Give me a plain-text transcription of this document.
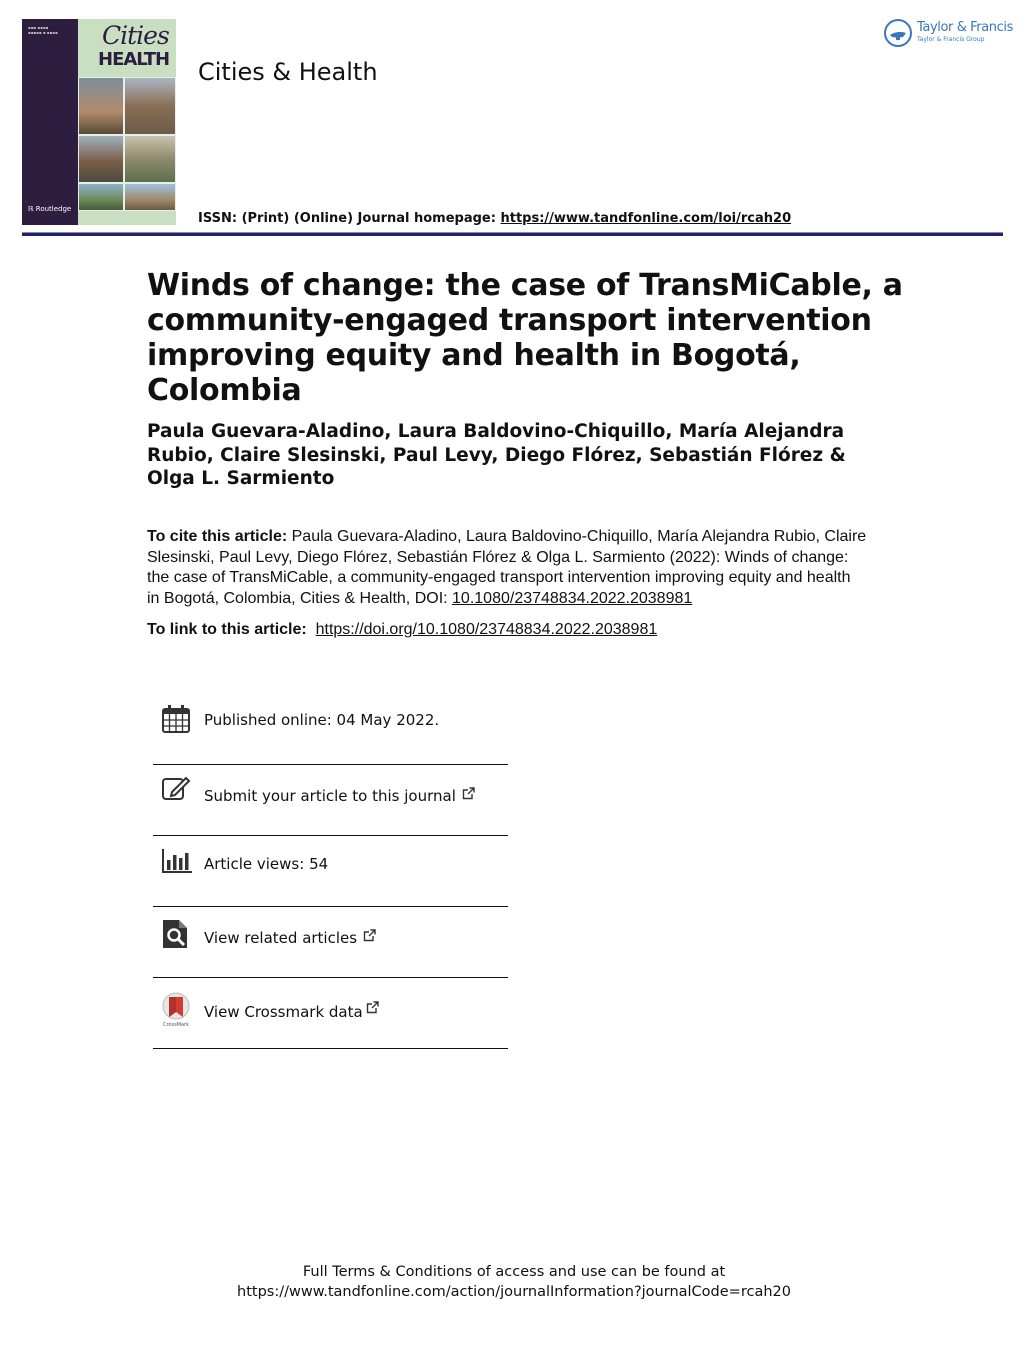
▪▪▪ ▪▪▪▪
▪▪▪▪▪ ▪ ▪▪▪▪ Cities
HEALTH
ℝ Routledge
Cities & Health
ISSN: (Print) (Online) Journal homepage: https://www.tandfonline.com/loi/rcah20
Taylor & Francis
Taylor & Francis Group
Winds of change: the case of TransMiCable, a community-engaged transport intervention improving equity and health in Bogotá, Colombia
Paula Guevara-Aladino, Laura Baldovino-Chiquillo, María Alejandra Rubio, Claire Slesinski, Paul Levy, Diego Flórez, Sebastián Flórez & Olga L. Sarmiento
To cite this article: Paula Guevara-Aladino, Laura Baldovino-Chiquillo, María Alejandra Rubio, Claire Slesinski, Paul Levy, Diego Flórez, Sebastián Flórez & Olga L. Sarmiento (2022): Winds of change: the case of TransMiCable, a community-engaged transport intervention improving equity and health in Bogotá, Colombia, Cities & Health, DOI: 10.1080/23748834.2022.2038981
To link to this article: https://doi.org/10.1080/23748834.2022.2038981
Published online: 04 May 2022.
Submit your article to this journal
Article views: 54
View related articles
CrossMark
View Crossmark data
Full Terms & Conditions of access and use can be found at
https://www.tandfonline.com/action/journalInformation?journalCode=rcah20
